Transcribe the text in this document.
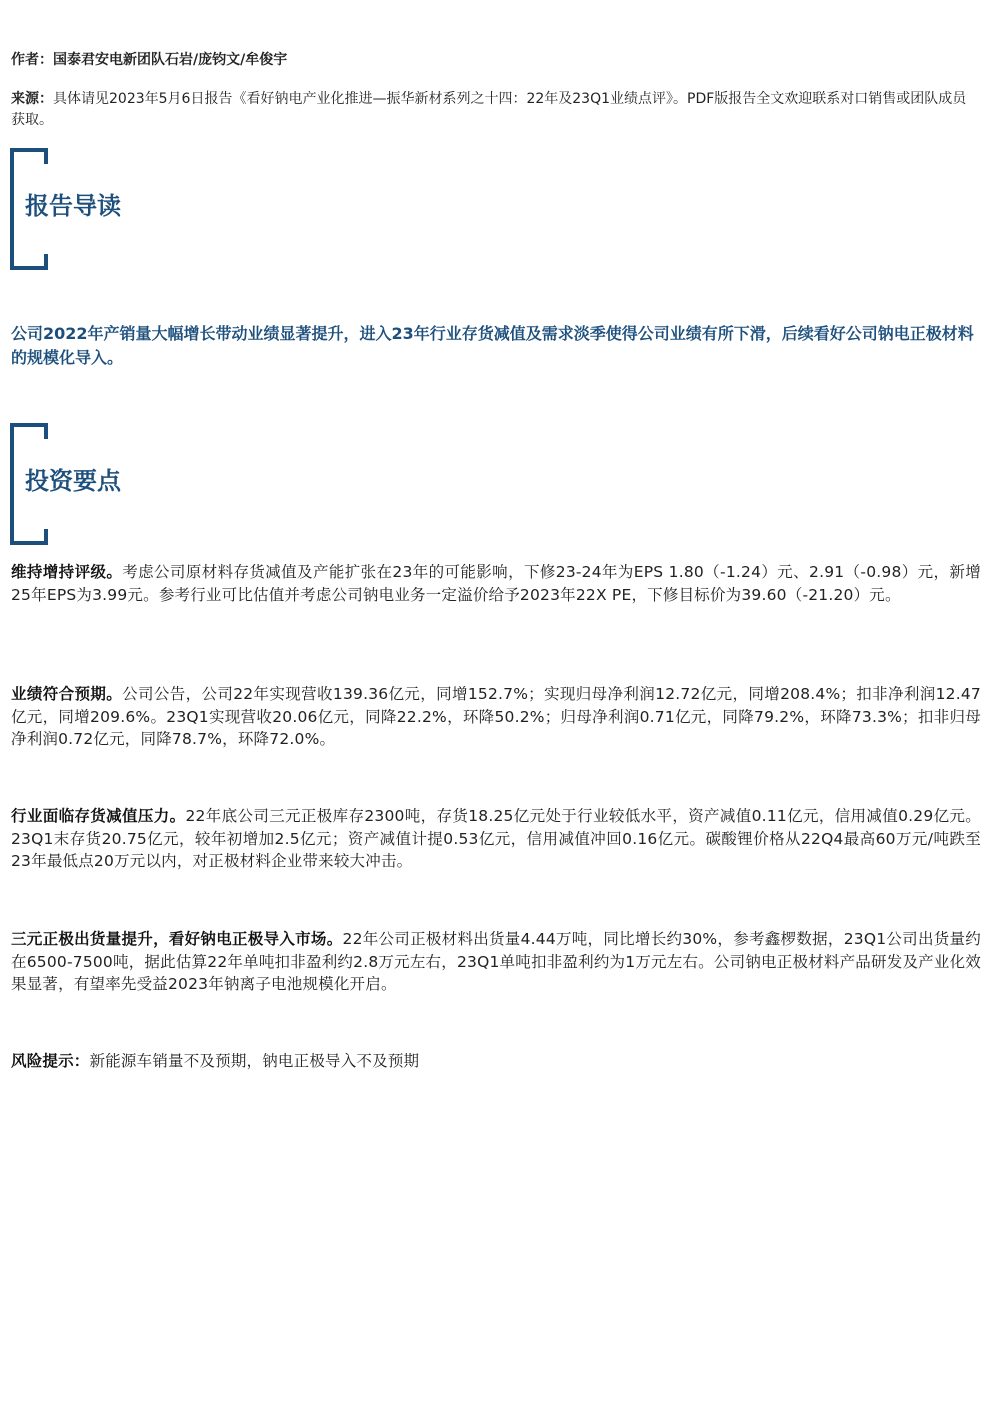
作者：国泰君安电新团队石岩/庞钧文/牟俊宇
来源：具体请见2023年5月6日报告《看好钠电产业化推进—振华新材系列之十四：22年及23Q1业绩点评》。PDF版报告全文欢迎联系对口销售或团队成员获取。
报告导读
公司2022年产销量大幅增长带动业绩显著提升，进入23年行业存货减值及需求淡季使得公司业绩有所下滑，后续看好公司钠电正极材料的规模化导入。
投资要点
维持增持评级。考虑公司原材料存货减值及产能扩张在23年的可能影响，下修23-24年为EPS 1.80（-1.24）元、2.91（-0.98）元，新增25年EPS为3.99元。参考行业可比估值并考虑公司钠电业务一定溢价给予2023年22X PE，下修目标价为39.60（-21.20）元。
业绩符合预期。公司公告，公司22年实现营收139.36亿元，同增152.7%；实现归母净利润12.72亿元，同增208.4%；扣非净利润12.47亿元，同增209.6%。23Q1实现营收20.06亿元，同降22.2%，环降50.2%；归母净利润0.71亿元，同降79.2%，环降73.3%；扣非归母净利润0.72亿元，同降78.7%，环降72.0%。
行业面临存货减值压力。22年底公司三元正极库存2300吨，存货18.25亿元处于行业较低水平，资产减值0.11亿元，信用减值0.29亿元。23Q1末存货20.75亿元，较年初增加2.5亿元；资产减值计提0.53亿元，信用减值冲回0.16亿元。碳酸锂价格从22Q4最高60万元/吨跌至23年最低点20万元以内，对正极材料企业带来较大冲击。
三元正极出货量提升，看好钠电正极导入市场。22年公司正极材料出货量4.44万吨，同比增长约30%，参考鑫椤数据，23Q1公司出货量约在6500-7500吨，据此估算22年单吨扣非盈利约2.8万元左右，23Q1单吨扣非盈利约为1万元左右。公司钠电正极材料产品研发及产业化效果显著，有望率先受益2023年钠离子电池规模化开启。
风险提示：新能源车销量不及预期，钠电正极导入不及预期
